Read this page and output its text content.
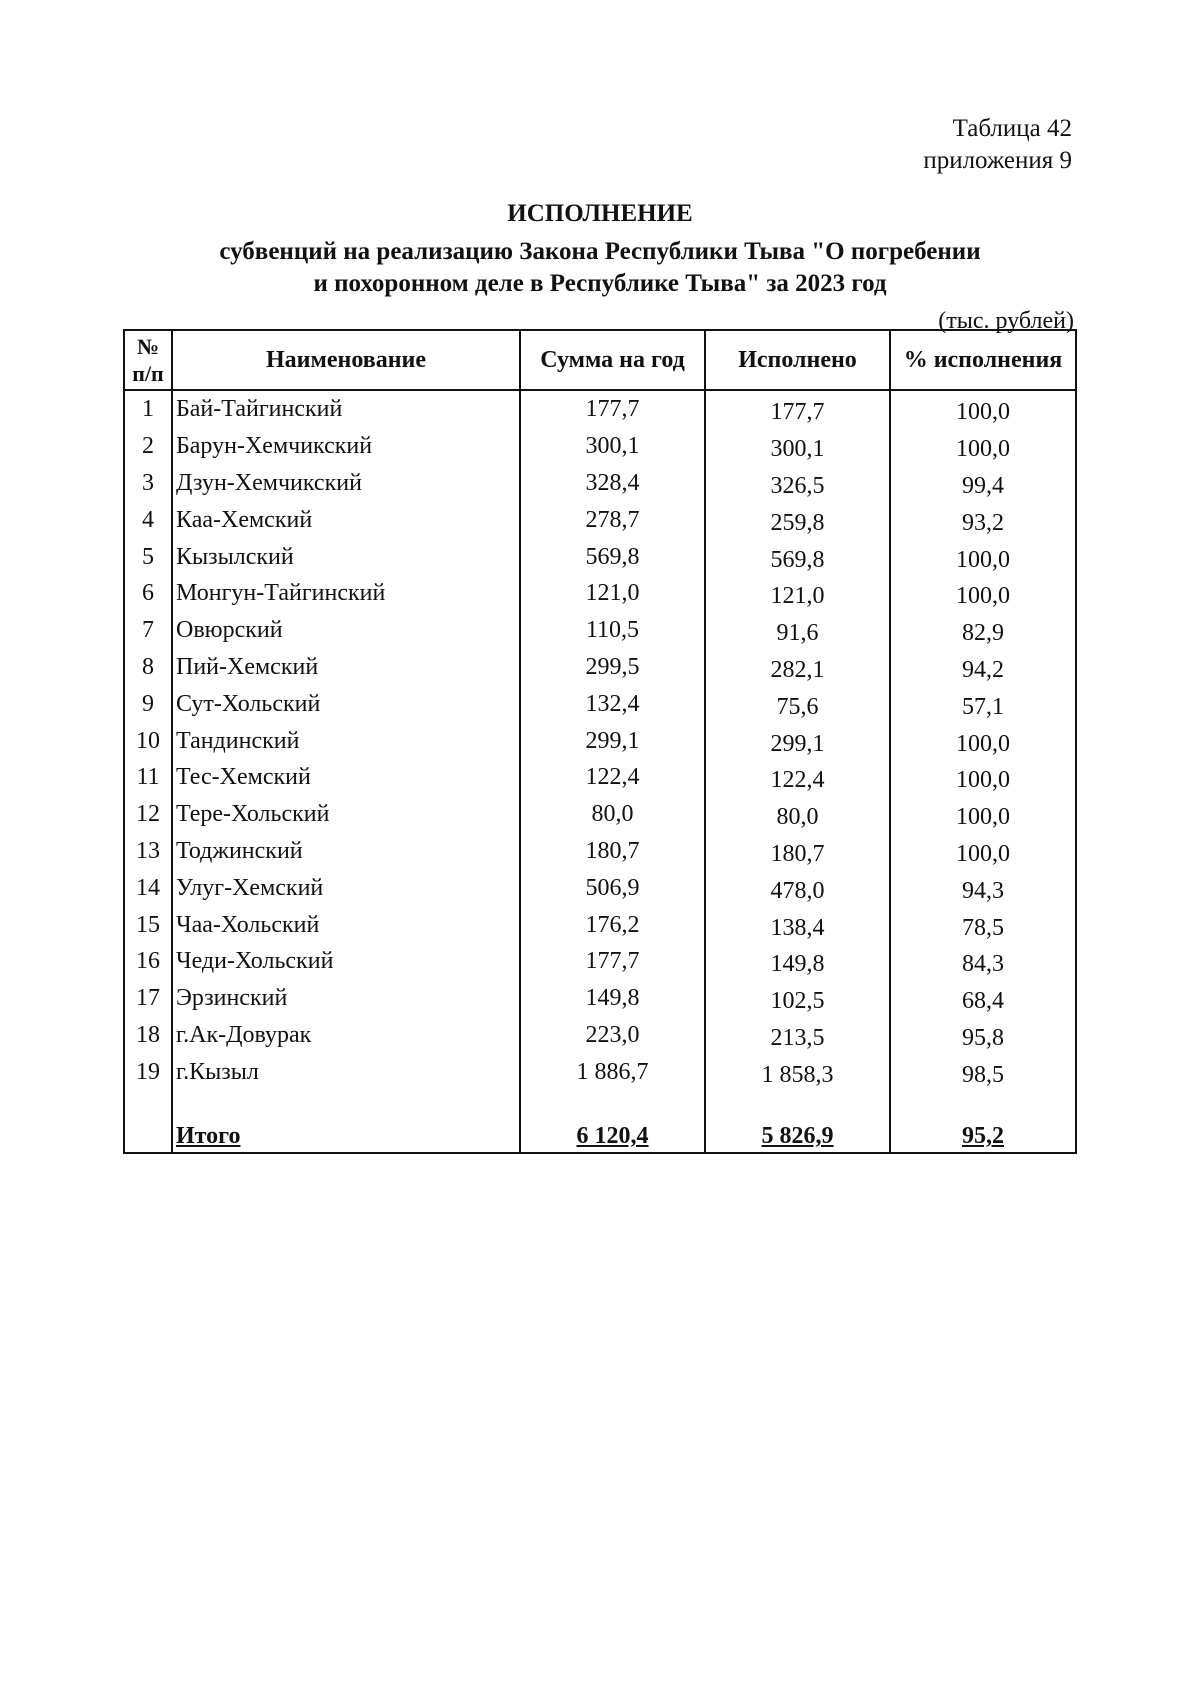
Таблица 42
приложения 9
ИСПОЛНЕНИЕ
субвенций на реализацию Закона Республики Тыва "О погребении
и похоронном деле в Республике Тыва" за 2023 год
(тыс. рублей)
№ п/п	Наименование	Сумма на год	Исполнено	% исполнения
1	Бай-Тайгинский	177,7	177,7	100,0
2	Барун-Хемчикский	300,1	300,1	100,0
3	Дзун-Хемчикский	328,4	326,5	99,4
4	Каа-Хемский	278,7	259,8	93,2
5	Кызылский	569,8	569,8	100,0
6	Монгун-Тайгинский	121,0	121,0	100,0
7	Овюрский	110,5	91,6	82,9
8	Пий-Хемский	299,5	282,1	94,2
9	Сут-Хольский	132,4	75,6	57,1
10	Тандинский	299,1	299,1	100,0
11	Тес-Хемский	122,4	122,4	100,0
12	Тере-Хольский	80,0	80,0	100,0
13	Тоджинский	180,7	180,7	100,0
14	Улуг-Хемский	506,9	478,0	94,3
15	Чаа-Хольский	176,2	138,4	78,5
16	Чеди-Хольский	177,7	149,8	84,3
17	Эрзинский	149,8	102,5	68,4
18	г.Ак-Довурак	223,0	213,5	95,8
19	г.Кызыл	1 886,7	1 858,3	98,5

	Итого	6 120,4	5 826,9	95,2
